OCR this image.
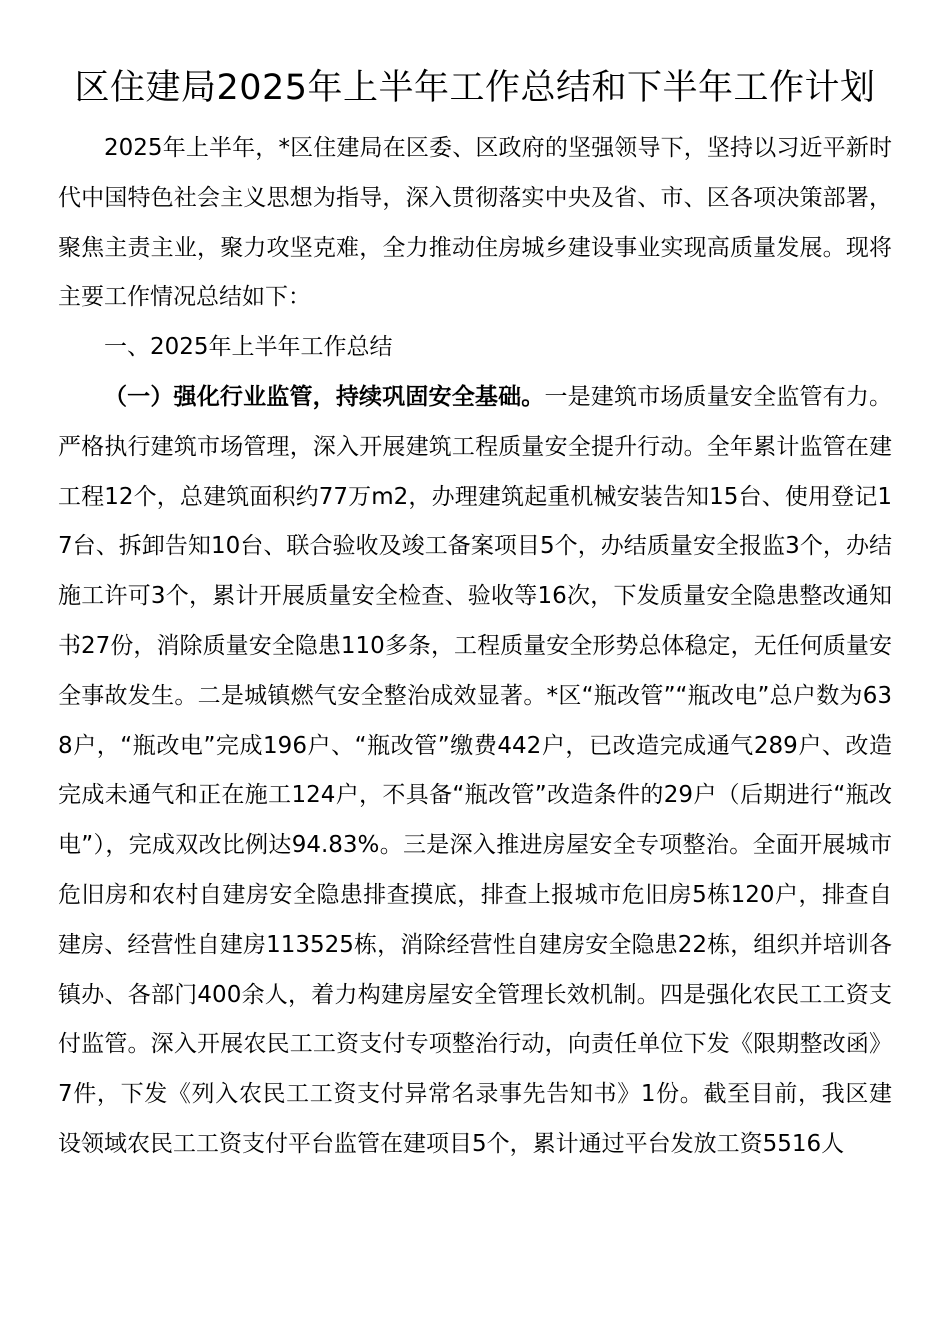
区住建局2025年上半年工作总结和下半年工作计划

2025年上半年，*区住建局在区委、区政府的坚强领导下，坚持以习近平新时代中国特色社会主义思想为指导，深入贯彻落实中央及省、市、区各项决策部署，聚焦主责主业，聚力攻坚克难，全力推动住房城乡建设事业实现高质量发展。现将主要工作情况总结如下：

一、2025年上半年工作总结

（一）强化行业监管，持续巩固安全基础。一是建筑市场质量安全监管有力。严格执行建筑市场管理，深入开展建筑工程质量安全提升行动。全年累计监管在建工程12个，总建筑面积约77万m2，办理建筑起重机械安装告知15台、使用登记17台、拆卸告知10台、联合验收及竣工备案项目5个，办结质量安全报监3个，办结施工许可3个，累计开展质量安全检查、验收等16次，下发质量安全隐患整改通知书27份，消除质量安全隐患110多条，工程质量安全形势总体稳定，无任何质量安全事故发生。二是城镇燃气安全整治成效显著。*区“瓶改管”“瓶改电”总户数为638户，“瓶改电”完成196户、“瓶改管”缴费442户，已改造完成通气289户、改造完成未通气和正在施工124户，不具备“瓶改管”改造条件的29户（后期进行“瓶改电”），完成双改比例达94.83%。三是深入推进房屋安全专项整治。全面开展城市危旧房和农村自建房安全隐患排查摸底，排查上报城市危旧房5栋120户，排查自建房、经营性自建房113525栋，消除经营性自建房安全隐患22栋，组织并培训各镇办、各部门400余人，着力构建房屋安全管理长效机制。四是强化农民工工资支付监管。深入开展农民工工资支付专项整治行动，向责任单位下发《限期整改函》7件，下发《列入农民工工资支付异常名录事先告知书》1份。截至目前，我区建设领域农民工工资支付平台监管在建项目5个，累计通过平台发放工资5516人
